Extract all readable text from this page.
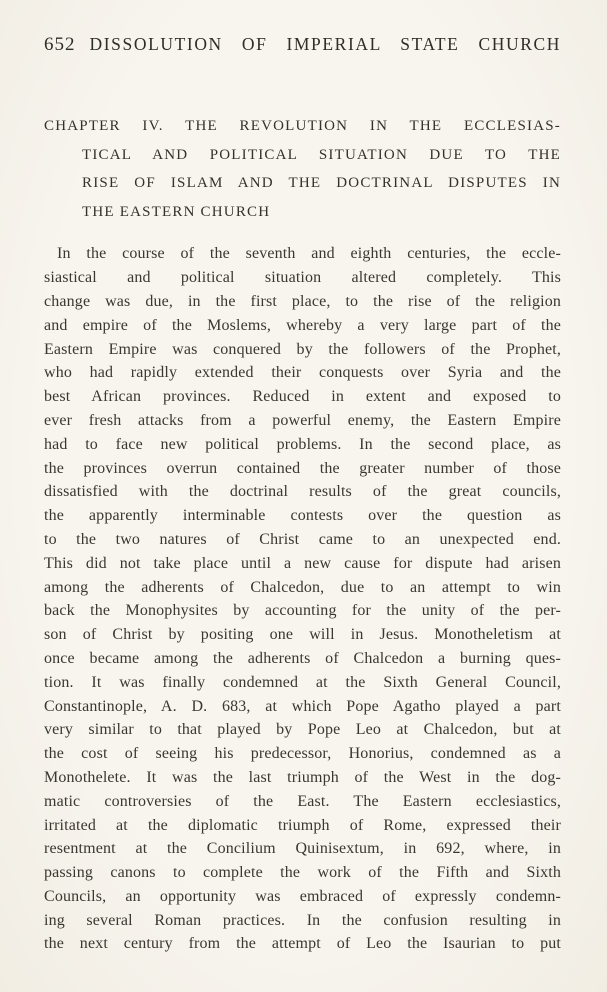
652 DISSOLUTION OF IMPERIAL STATE CHURCH
CHAPTER IV. THE REVOLUTION IN THE ECCLESIAS-
TICAL AND POLITICAL SITUATION DUE TO THE
RISE OF ISLAM AND THE DOCTRINAL DISPUTES IN
THE EASTERN CHURCH
In the course of the seventh and eighth centuries, the eccle-
siastical and political situation altered completely. This
change was due, in the first place, to the rise of the religion
and empire of the Moslems, whereby a very large part of the
Eastern Empire was conquered by the followers of the Prophet,
who had rapidly extended their conquests over Syria and the
best African provinces. Reduced in extent and exposed to
ever fresh attacks from a powerful enemy, the Eastern Empire
had to face new political problems. In the second place, as
the provinces overrun contained the greater number of those
dissatisfied with the doctrinal results of the great councils,
the apparently interminable contests over the question as
to the two natures of Christ came to an unexpected end.
This did not take place until a new cause for dispute had arisen
among the adherents of Chalcedon, due to an attempt to win
back the Monophysites by accounting for the unity of the per-
son of Christ by positing one will in Jesus. Monotheletism at
once became among the adherents of Chalcedon a burning ques-
tion. It was finally condemned at the Sixth General Council,
Constantinople, A. D. 683, at which Pope Agatho played a part
very similar to that played by Pope Leo at Chalcedon, but at
the cost of seeing his predecessor, Honorius, condemned as a
Monothelete. It was the last triumph of the West in the dog-
matic controversies of the East. The Eastern ecclesiastics,
irritated at the diplomatic triumph of Rome, expressed their
resentment at the Concilium Quinisextum, in 692, where, in
passing canons to complete the work of the Fifth and Sixth
Councils, an opportunity was embraced of expressly condemn-
ing several Roman practices. In the confusion resulting in
the next century from the attempt of Leo the Isaurian to put
